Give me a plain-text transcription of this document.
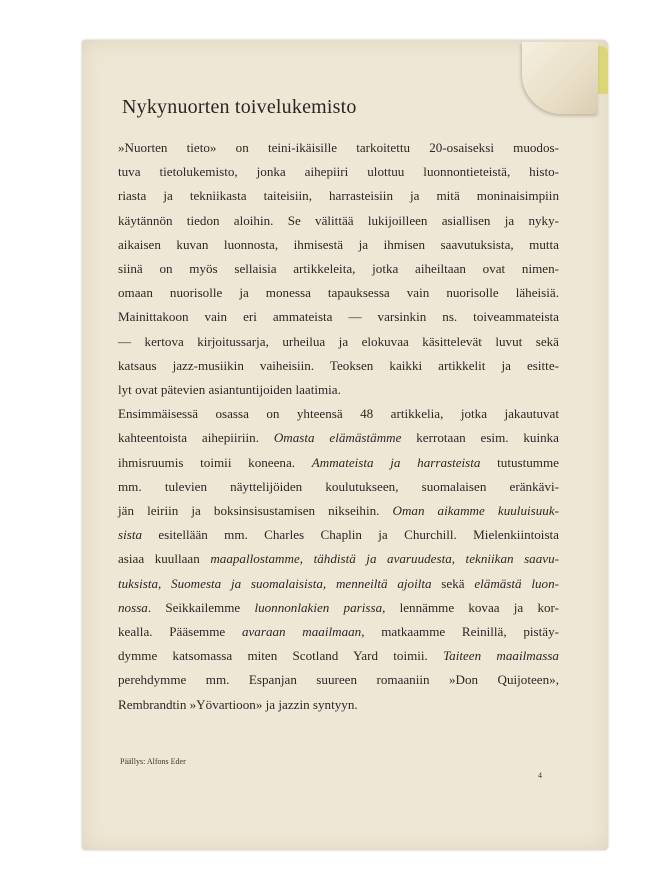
Nykynuorten toivelukemisto
»Nuorten tieto» on teini-ikäisille tarkoitettu 20-osaiseksi muodos-
tuva tietolukemisto, jonka aihepiiri ulottuu luonnontieteistä, histo-
riasta ja tekniikasta taiteisiin, harrasteisiin ja mitä moninaisimpiin
käytännön tiedon aloihin. Se välittää lukijoilleen asiallisen ja nyky-
aikaisen kuvan luonnosta, ihmisestä ja ihmisen saavutuksista, mutta
siinä on myös sellaisia artikkeleita, jotka aiheiltaan ovat nimen-
omaan nuorisolle ja monessa tapauksessa vain nuorisolle läheisiä.
Mainittakoon vain eri ammateista — varsinkin ns. toiveammateista
— kertova kirjoitussarja, urheilua ja elokuvaa käsittelevät luvut sekä
katsaus jazz-musiikin vaiheisiin. Teoksen kaikki artikkelit ja esitte-
lyt ovat pätevien asiantuntijoiden laatimia.
Ensimmäisessä osassa on yhteensä 48 artikkelia, jotka jakautuvat
kahteentoista aihepiiriin. Omasta elämästämme kerrotaan esim. kuinka
ihmisruumis toimii koneena. Ammateista ja harrasteista tutustumme
mm. tulevien näyttelijöiden koulutukseen, suomalaisen eränkävi-
jän leiriin ja boksinsisustamisen nikseihin. Oman aikamme kuuluisuuk-
sista esitellään mm. Charles Chaplin ja Churchill. Mielenkiintoista
asiaa kuullaan maapallostamme, tähdistä ja avaruudesta, tekniikan saavu-
tuksista, Suomesta ja suomalaisista, menneiltä ajoilta sekä elämästä luon-
nossa. Seikkailemme luonnonlakien parissa, lennämme kovaa ja kor-
kealla. Pääsemme avaraan maailmaan, matkaamme Reinillä, pistäy-
dymme katsomassa miten Scotland Yard toimii. Taiteen maailmassa
perehdymme mm. Espanjan suureen romaaniin »Don Quijoteen»,
Rembrandtin »Yövartioon» ja jazzin syntyyn.
Päällys: Alfons Eder
4
